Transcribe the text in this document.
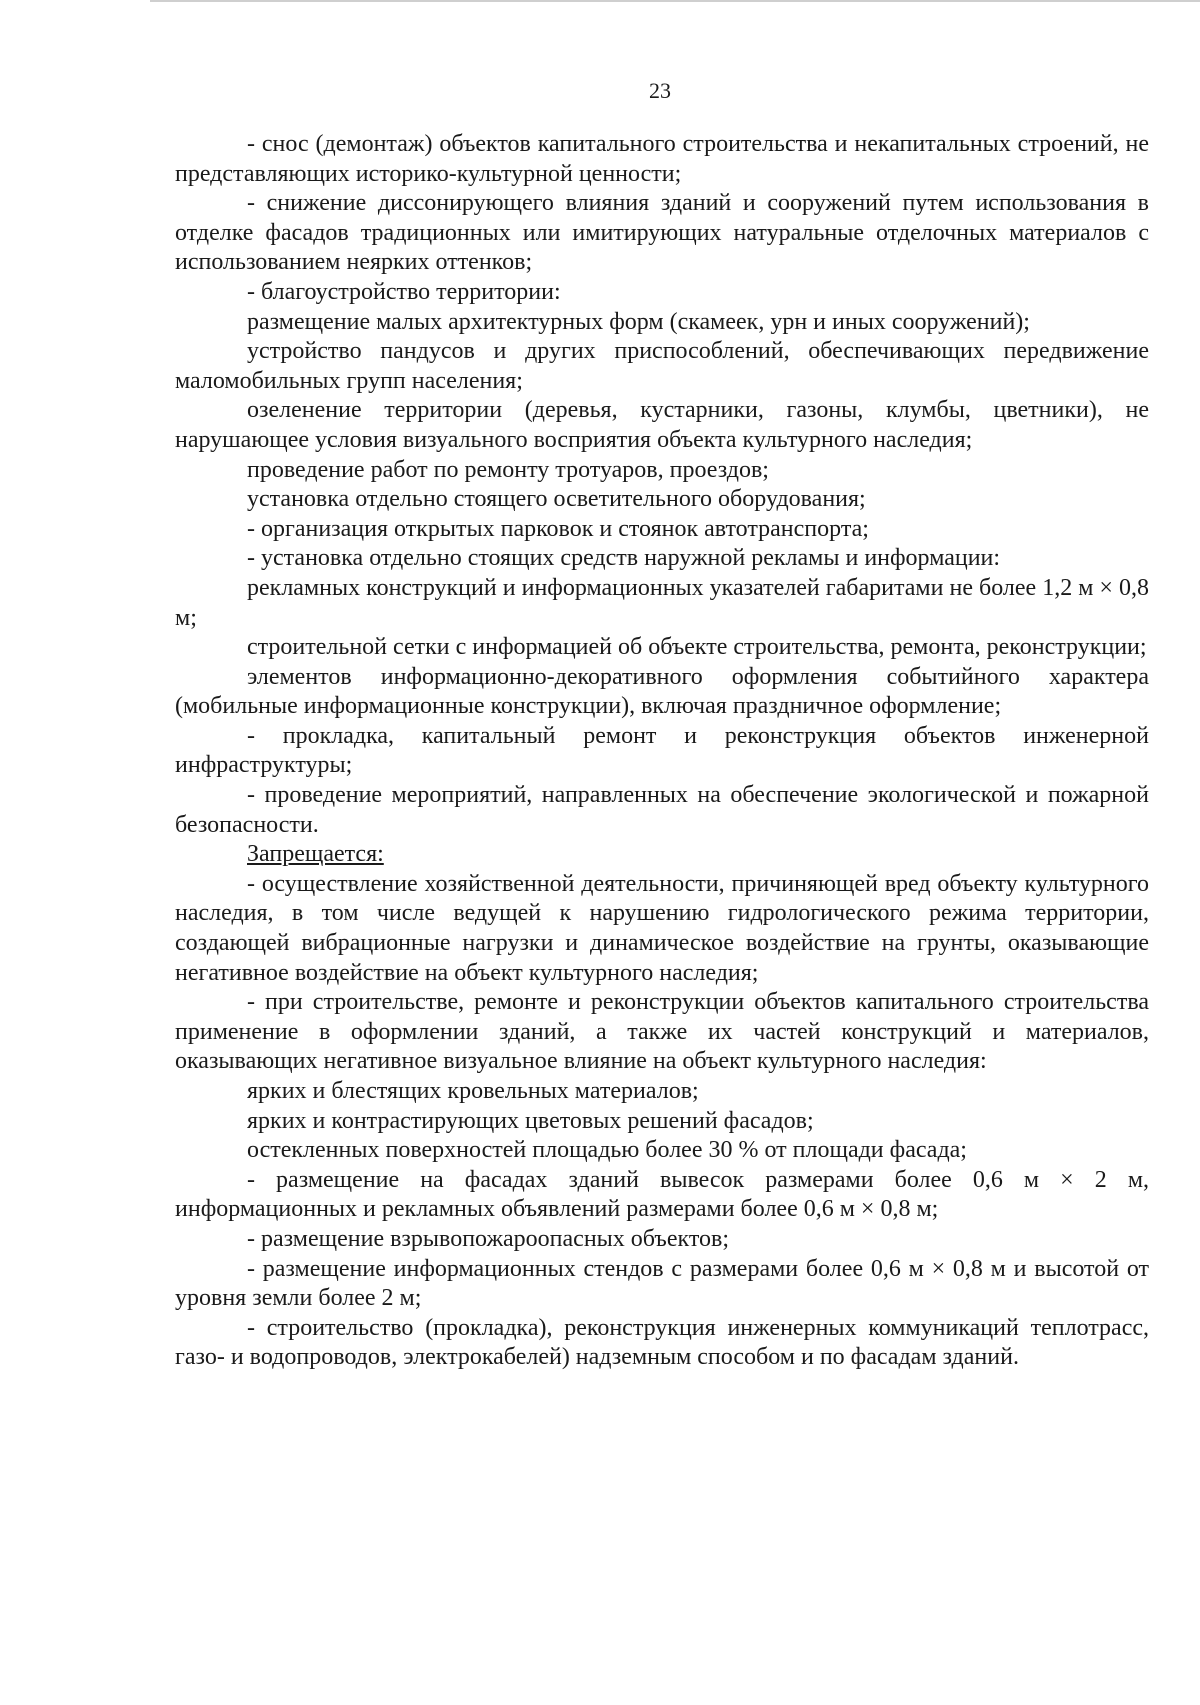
23

- снос (демонтаж) объектов капитального строительства и некапитальных строений, не представляющих историко-культурной ценности;

- снижение диссонирующего влияния зданий и сооружений путем использования в отделке фасадов традиционных или имитирующих натуральные отделочных материалов с использованием неярких оттенков;

- благоустройство территории:

размещение малых архитектурных форм (скамеек, урн и иных сооружений);

устройство пандусов и других приспособлений, обеспечивающих передвижение маломобильных групп населения;

озеленение территории (деревья, кустарники, газоны, клумбы, цветники), не нарушающее условия визуального восприятия объекта культурного наследия;

проведение работ по ремонту тротуаров, проездов;

установка отдельно стоящего осветительного оборудования;

- организация открытых парковок и стоянок автотранспорта;

- установка отдельно стоящих средств наружной рекламы и информации:

рекламных конструкций и информационных указателей габаритами не более 1,2 м × 0,8 м;

строительной сетки с информацией об объекте строительства, ремонта, реконструкции;

элементов информационно-декоративного оформления событийного характера (мобильные информационные конструкции), включая праздничное оформление;

- прокладка, капитальный ремонт и реконструкция объектов инженерной инфраструктуры;

- проведение мероприятий, направленных на обеспечение экологической и пожарной безопасности.

Запрещается:

- осуществление хозяйственной деятельности, причиняющей вред объекту культурного наследия, в том числе ведущей к нарушению гидрологического режима территории, создающей вибрационные нагрузки и динамическое воздействие на грунты, оказывающие негативное воздействие на объект культурного наследия;

- при строительстве, ремонте и реконструкции объектов капитального строительства применение в оформлении зданий, а также их частей конструкций и материалов, оказывающих негативное визуальное влияние на объект культурного наследия:

ярких и блестящих кровельных материалов;

ярких и контрастирующих цветовых решений фасадов;

остекленных поверхностей площадью более 30 % от площади фасада;

- размещение на фасадах зданий вывесок размерами более 0,6 м × 2 м, информационных и рекламных объявлений размерами более 0,6 м × 0,8 м;

- размещение взрывопожароопасных объектов;

- размещение информационных стендов с размерами более 0,6 м × 0,8 м и высотой от уровня земли более 2 м;

- строительство (прокладка), реконструкция инженерных коммуникаций теплотрасс, газо- и водопроводов, электрокабелей) надземным способом и по фасадам зданий.
